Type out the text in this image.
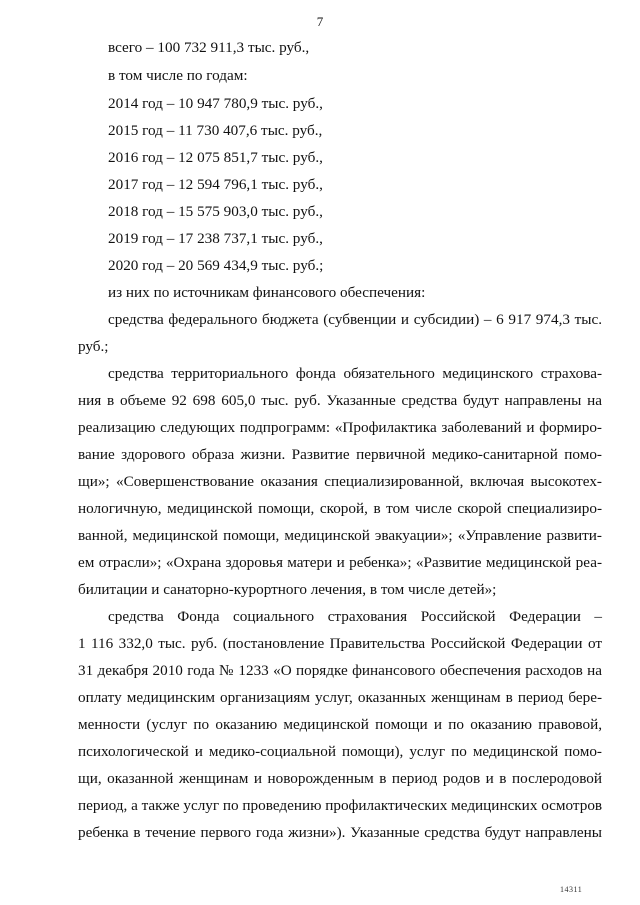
7
всего – 100 732 911,3 тыс. руб.,
в том числе по годам:
2014 год – 10 947 780,9 тыс. руб.,
2015 год – 11 730 407,6 тыс. руб.,
2016 год – 12 075 851,7 тыс. руб.,
2017 год – 12 594 796,1 тыс. руб.,
2018 год – 15 575 903,0 тыс. руб.,
2019 год – 17 238 737,1 тыс. руб.,
2020 год – 20 569 434,9 тыс. руб.;
из них по источникам финансового обеспечения:
средства федерального бюджета (субвенции и субсидии) – 6 917 974,3 тыс.
руб.;
средства территориального фонда обязательного медицинского страхова-
ния в объеме 92 698 605,0 тыс. руб. Указанные средства будут направлены на
реализацию следующих подпрограмм: «Профилактика заболеваний и формиро-
вание здорового образа жизни. Развитие первичной медико-санитарной помо-
щи»; «Совершенствование оказания специализированной, включая высокотех-
нологичную, медицинской помощи, скорой, в том числе скорой специализиро-
ванной, медицинской помощи, медицинской эвакуации»; «Управление развити-
ем отрасли»; «Охрана здоровья матери и ребенка»; «Развитие медицинской реа-
билитации и санаторно-курортного лечения, в том числе детей»;
средства Фонда социального страхования Российской Федерации –
1 116 332,0 тыс. руб. (постановление Правительства Российской Федерации от
31 декабря 2010 года № 1233 «О порядке финансового обеспечения расходов на
оплату медицинским организациям услуг, оказанных женщинам в период бере-
менности (услуг по оказанию медицинской помощи и по оказанию правовой,
психологической и медико-социальной помощи), услуг по медицинской помо-
щи, оказанной женщинам и новорожденным в период родов и в послеродовой
период, а также услуг по проведению профилактических медицинских осмотров
ребенка в течение первого года жизни»). Указанные средства будут направлены
14311
